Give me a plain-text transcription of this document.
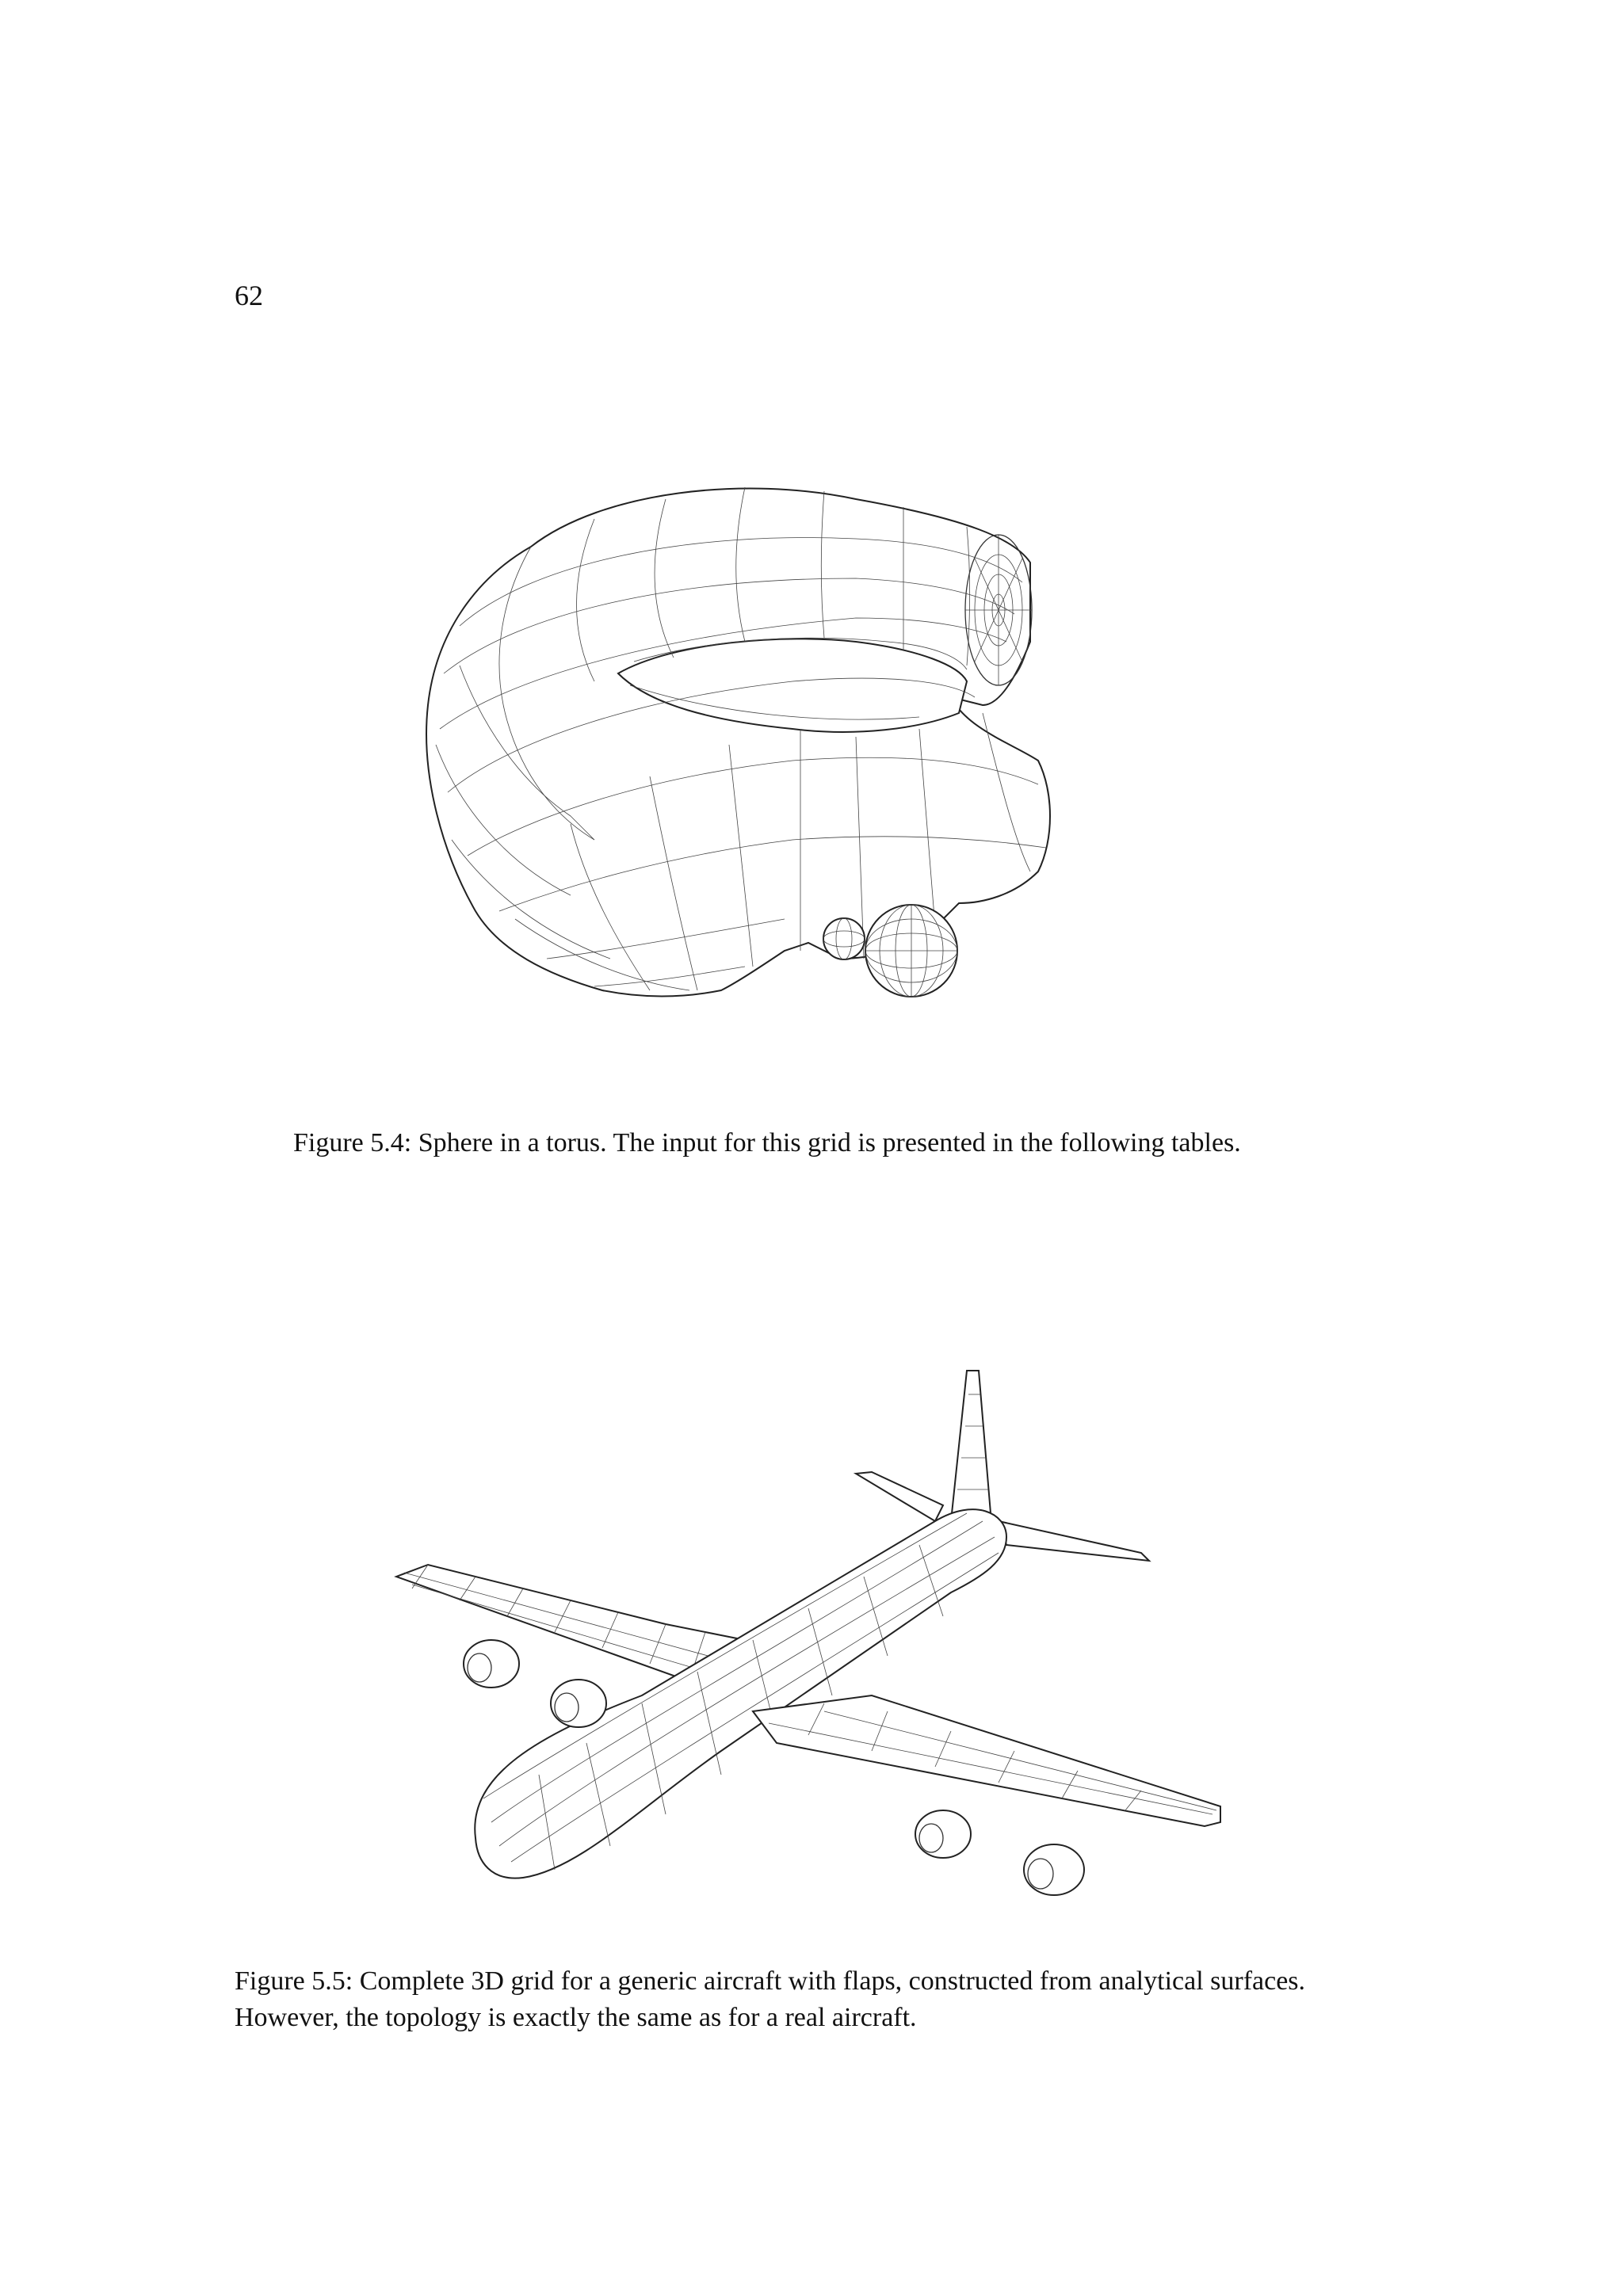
62
Figure 5.4: Sphere in a torus. The input for this grid is presented in the following tables.
Figure 5.5: Complete 3D grid for a generic aircraft with flaps, constructed from analytical surfaces.
However, the topology is exactly the same as for a real aircraft.
